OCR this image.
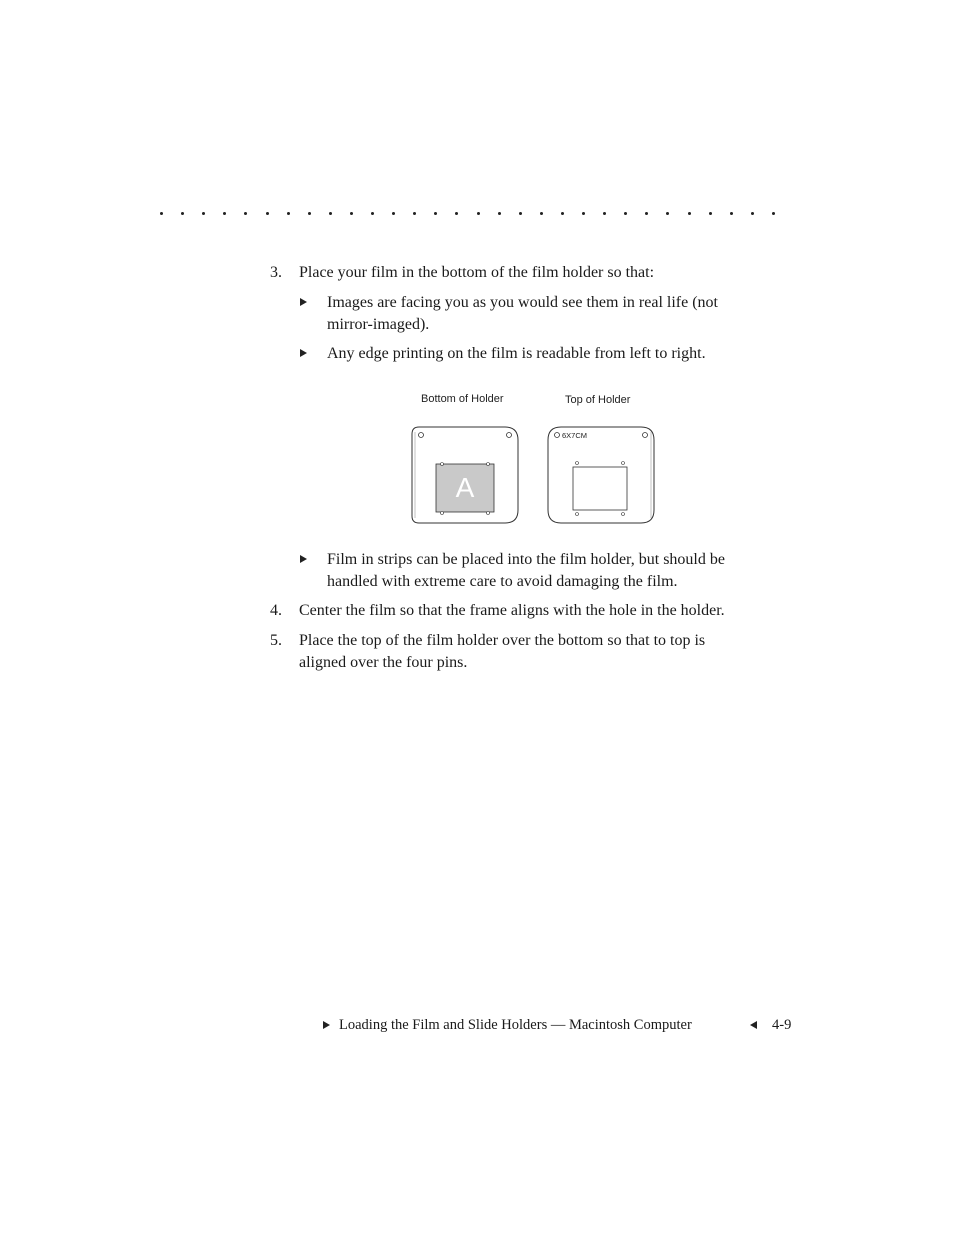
3. Place your film in the bottom of the film holder so that:
Images are facing you as you would see them in real life (not
mirror-imaged).
Any edge printing on the film is readable from left to right.
Bottom of Holder	Top of Holder
A
6X7CM
Film in strips can be placed into the film holder, but should be
handled with extreme care to avoid damaging the film.
4. Center the film so that the frame aligns with the hole in the holder.
5. Place the top of the film holder over the bottom so that to top is
aligned over the four pins.
Loading the Film and Slide Holders — Macintosh Computer	4-9
